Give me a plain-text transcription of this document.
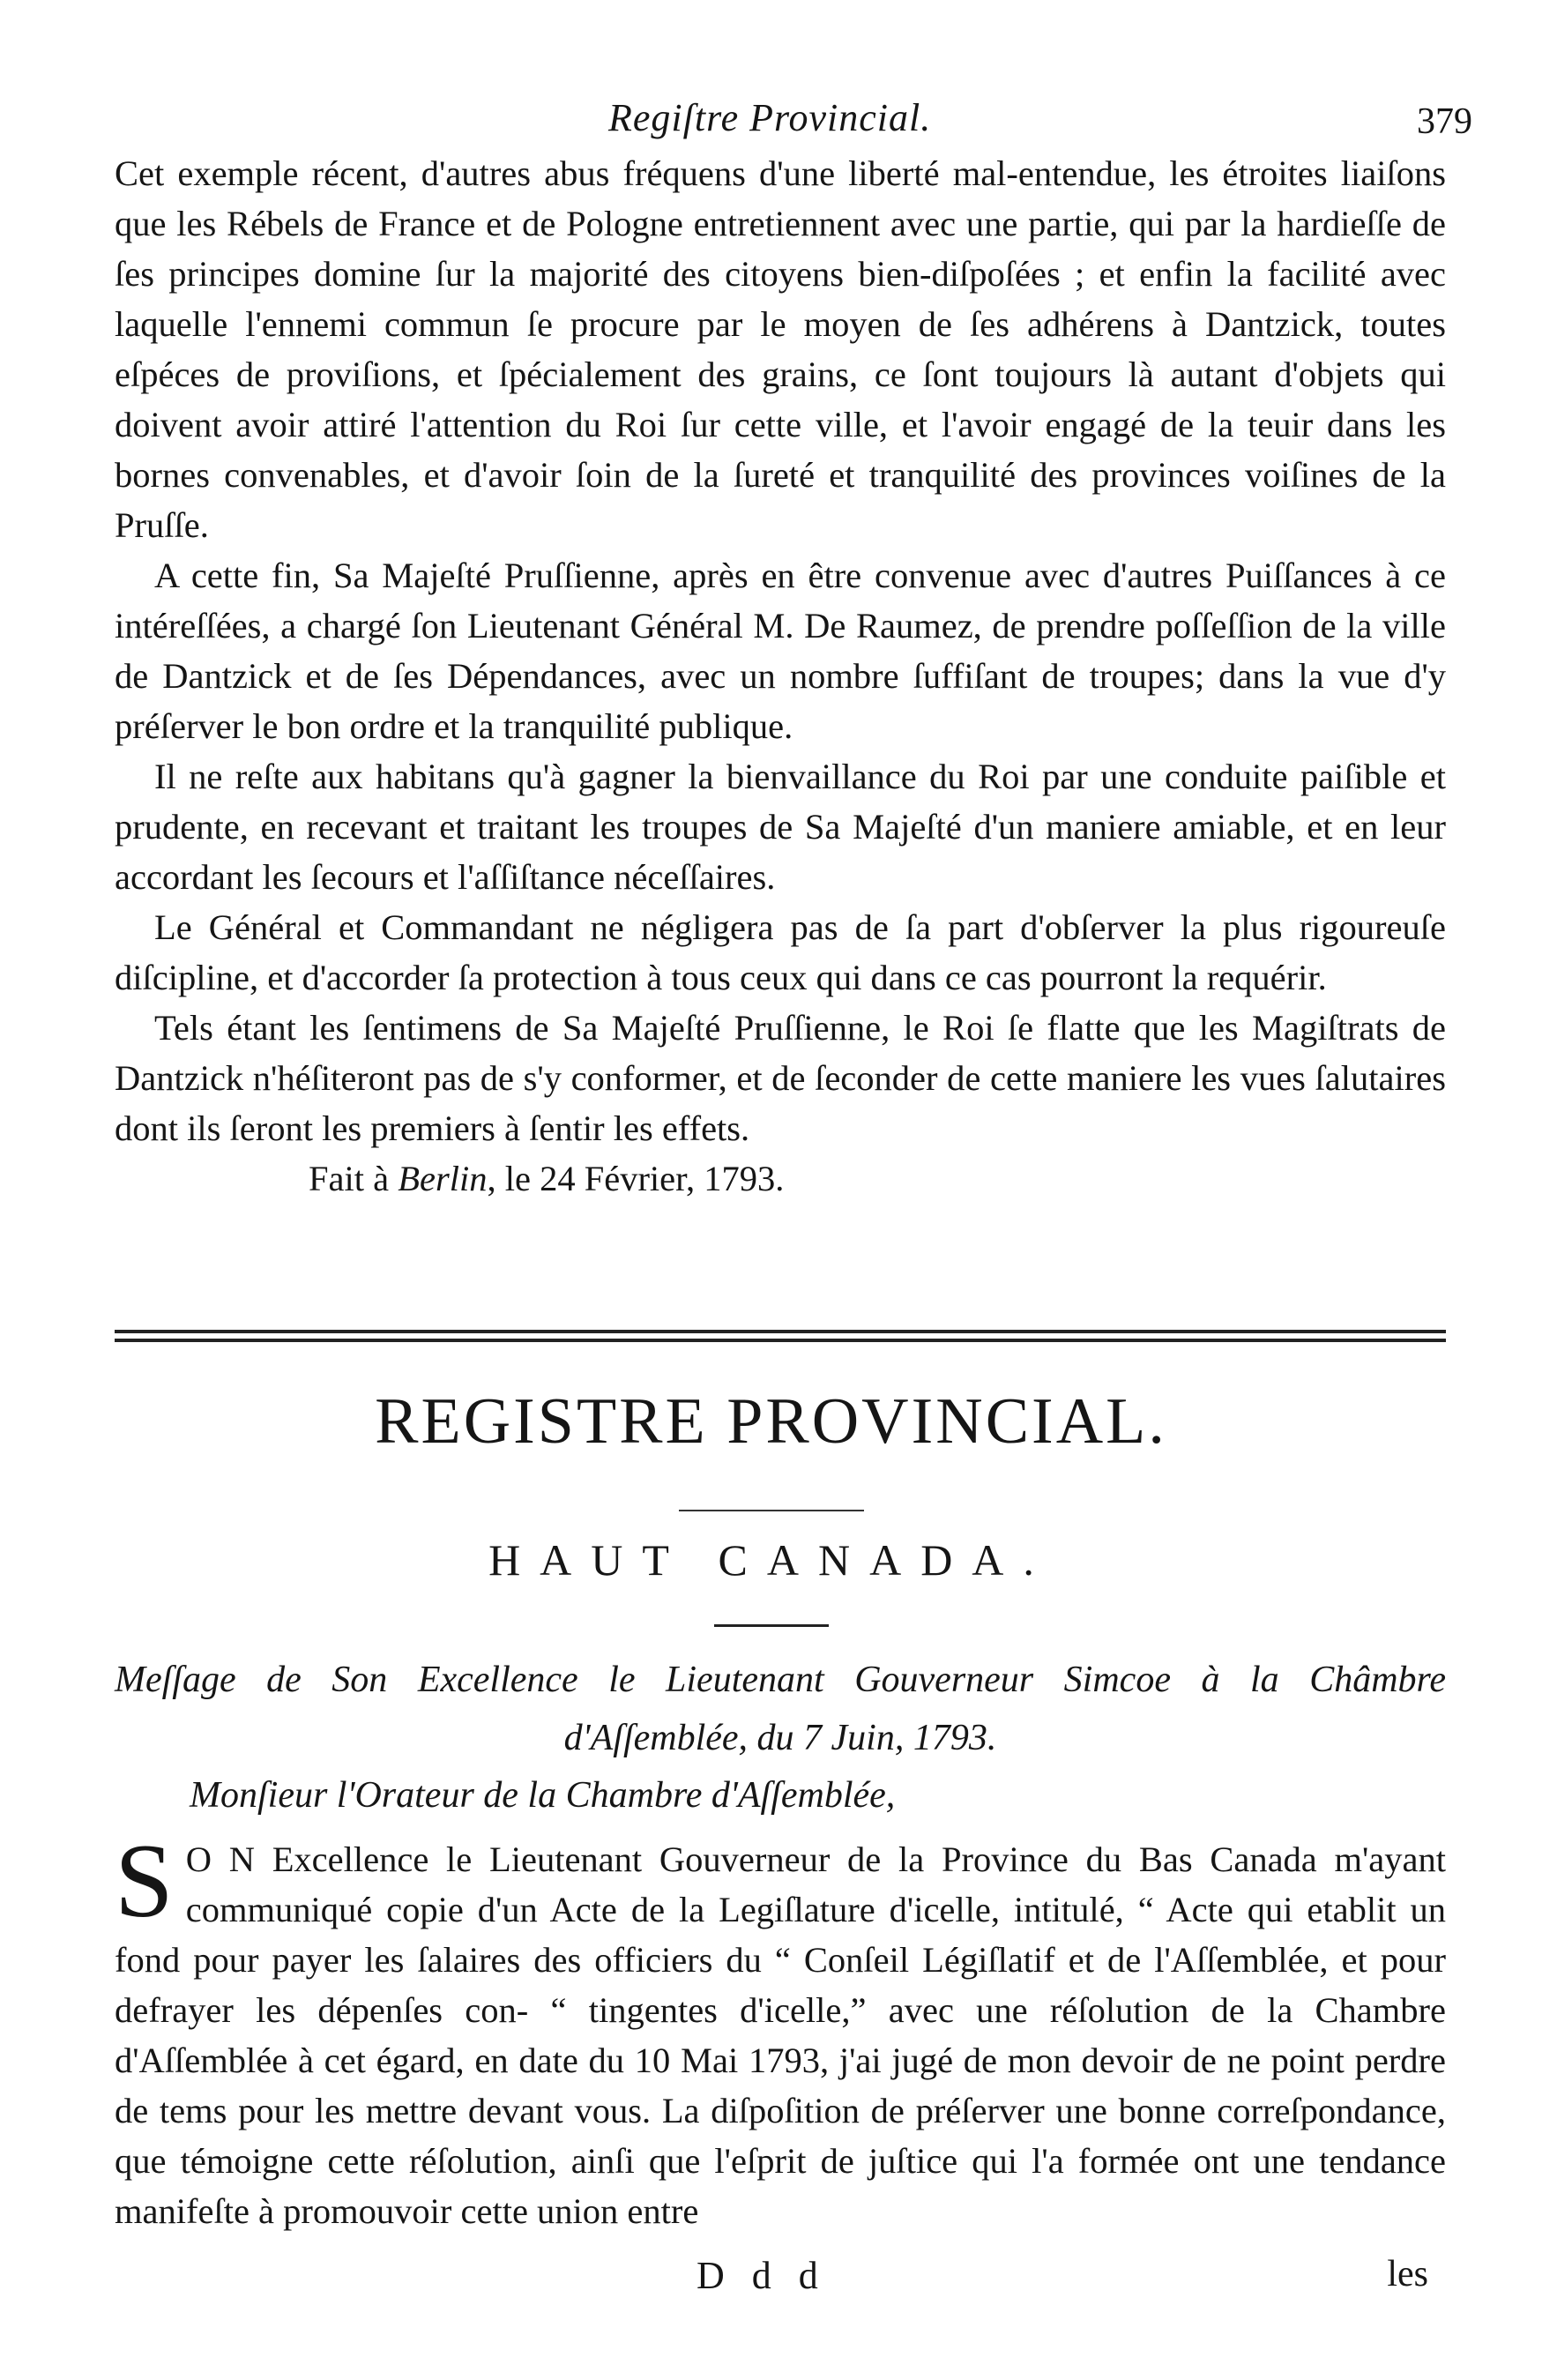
Regiſtre Provincial.	379

Cet exemple récent, d'autres abus fréquens d'une liberté mal-entendue, les étroites liaiſons que les Rébels de France et de Pologne entretiennent avec une partie, qui par la hardieſſe de ſes principes domine ſur la majorité des citoyens bien-diſpoſées ; et enfin la facilité avec laquelle l'ennemi commun ſe procure par le moyen de ſes adhérens à Dantzick, toutes eſpéces de proviſions, et ſpécialement des grains, ce ſont toujours là autant d'objets qui doivent avoir attiré l'attention du Roi ſur cette ville, et l'avoir engagé de la teuir dans les bornes convenables, et d'avoir ſoin de la ſureté et tranquilité des provinces voiſines de la Pruſſe.

A cette fin, Sa Majeſté Pruſſienne, après en être convenue avec d'autres Puiſſances à ce intéreſſées, a chargé ſon Lieutenant Général M. De Raumez, de prendre poſſeſſion de la ville de Dantzick et de ſes Dépendances, avec un nombre ſuffiſant de troupes; dans la vue d'y préſerver le bon ordre et la tranquilité publique.

Il ne reſte aux habitans qu'à gagner la bienvaillance du Roi par une conduite paiſible et prudente, en recevant et traitant les troupes de Sa Majeſté d'un maniere amiable, et en leur accordant les ſecours et l'aſſiſtance néceſſaires.

Le Général et Commandant ne négligera pas de ſa part d'obſerver la plus rigoureuſe diſcipline, et d'accorder ſa protection à tous ceux qui dans ce cas pourront la requérir.

Tels étant les ſentimens de Sa Majeſté Pruſſienne, le Roi ſe flatte que les Magiſtrats de Dantzick n'héſiteront pas de s'y conformer, et de ſeconder de cette maniere les vues ſalutaires dont ils ſeront les premiers à ſentir les effets.

Fait à Berlin, le 24 Février, 1793.

REGISTRE PROVINCIAL.
HAUT CANADA.
Meſſage de Son Excellence le Lieutenant Gouverneur Simcoe à la Châmbre
d'Aſſemblée, du 7 Juin, 1793.
Monſieur l'Orateur de la Chambre d'Aſſemblée,

S O N Excellence le Lieutenant Gouverneur de la Province du Bas Canada m'ayant communiqué copie d'un Acte de la Legiſlature d'icelle, intitulé, “ Acte qui etablit un fond pour payer les ſalaires des officiers du “ Conſeil Légiſlatif et de l'Aſſemblée, et pour defrayer les dépenſes con- “ tingentes d'icelle,” avec une réſolution de la Chambre d'Aſſemblée à cet égard, en date du 10 Mai 1793, j'ai jugé de mon devoir de ne point perdre de tems pour les mettre devant vous. La diſpoſition de préſerver une bonne correſpondance, que témoigne cette réſolution, ainſi que l'eſprit de juſtice qui l'a formée ont une tendance manifeſte à promouvoir cette union entre

D d d	les
